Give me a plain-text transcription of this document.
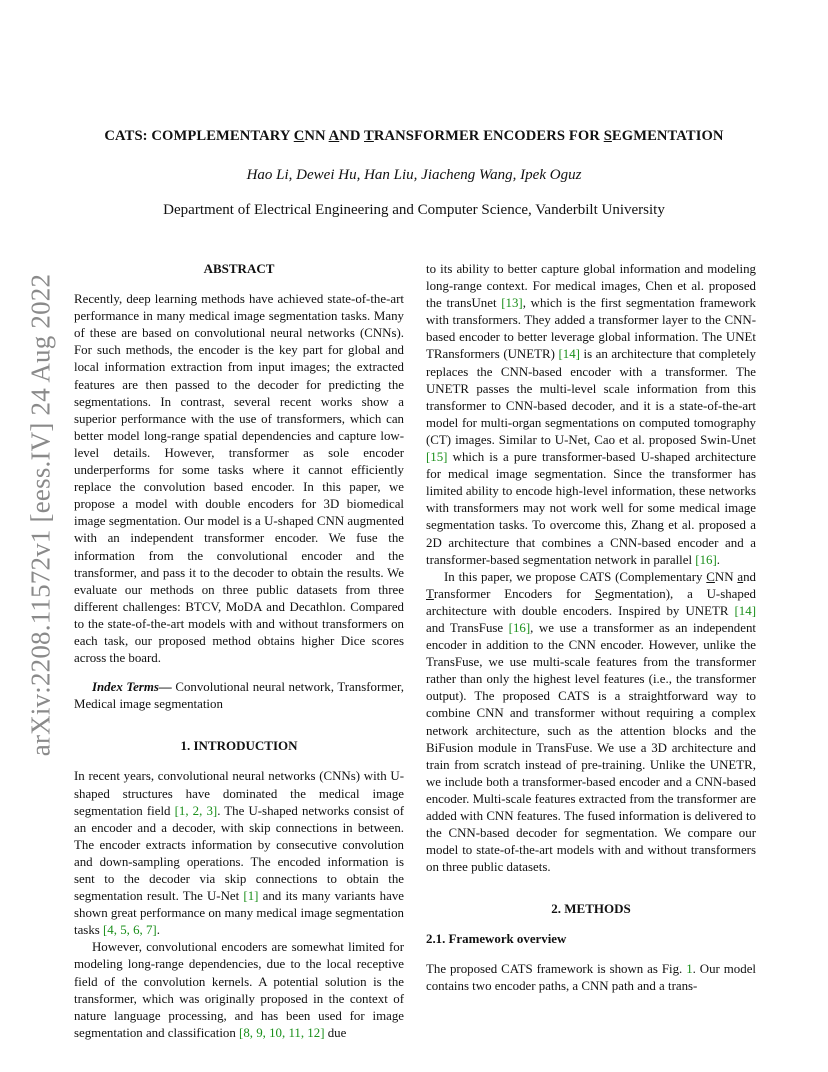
arXiv:2208.11572v1 [eess.IV] 24 Aug 2022
CATS: COMPLEMENTARY CNN AND TRANSFORMER ENCODERS FOR SEGMENTATION
Hao Li, Dewei Hu, Han Liu, Jiacheng Wang, Ipek Oguz
Department of Electrical Engineering and Computer Science, Vanderbilt University
ABSTRACT

Recently, deep learning methods have achieved state-of-the-art performance in many medical image segmentation tasks. Many of these are based on convolutional neural networks (CNNs). For such methods, the encoder is the key part for global and local information extraction from input images; the extracted features are then passed to the decoder for predicting the segmentations. In contrast, several recent works show a superior performance with the use of transformers, which can better model long-range spatial dependencies and capture low-level details. However, transformer as sole encoder underperforms for some tasks where it cannot efficiently replace the convolution based encoder. In this paper, we propose a model with double encoders for 3D biomedical image segmentation. Our model is a U-shaped CNN augmented with an independent transformer encoder. We fuse the information from the convolutional encoder and the transformer, and pass it to the decoder to obtain the results. We evaluate our methods on three public datasets from three different challenges: BTCV, MoDA and Decathlon. Compared to the state-of-the-art models with and without transformers on each task, our proposed method obtains higher Dice scores across the board.

Index Terms— Convolutional neural network, Transformer, Medical image segmentation

1. INTRODUCTION

In recent years, convolutional neural networks (CNNs) with U-shaped structures have dominated the medical image segmentation field [1, 2, 3]. The U-shaped networks consist of an encoder and a decoder, with skip connections in between. The encoder extracts information by consecutive convolution and down-sampling operations. The encoded information is sent to the decoder via skip connections to obtain the segmentation result. The U-Net [1] and its many variants have shown great performance on many medical image segmentation tasks [4, 5, 6, 7].

However, convolutional encoders are somewhat limited for modeling long-range dependencies, due to the local receptive field of the convolution kernels. A potential solution is the transformer, which was originally proposed in the context of nature language processing, and has been used for image segmentation and classification [8, 9, 10, 11, 12] due

to its ability to better capture global information and modeling long-range context. For medical images, Chen et al. proposed the transUnet [13], which is the first segmentation framework with transformers. They added a transformer layer to the CNN-based encoder to better leverage global information. The UNEt TRansformers (UNETR) [14] is an architecture that completely replaces the CNN-based encoder with a transformer. The UNETR passes the multi-level scale information from this transformer to CNN-based decoder, and it is a state-of-the-art model for multi-organ segmentations on computed tomography (CT) images. Similar to U-Net, Cao et al. proposed Swin-Unet [15] which is a pure transformer-based U-shaped architecture for medical image segmentation. Since the transformer has limited ability to encode high-level information, these networks with transformers may not work well for some medical image segmentation tasks. To overcome this, Zhang et al. proposed a 2D architecture that combines a CNN-based encoder and a transformer-based segmentation network in parallel [16].

In this paper, we propose CATS (Complementary CNN and Transformer Encoders for Segmentation), a U-shaped architecture with double encoders. Inspired by UNETR [14] and TransFuse [16], we use a transformer as an independent encoder in addition to the CNN encoder. However, unlike the TransFuse, we use multi-scale features from the transformer rather than only the highest level features (i.e., the transformer output). The proposed CATS is a straightforward way to combine CNN and transformer without requiring a complex network architecture, such as the attention blocks and the BiFusion module in TransFuse. We use a 3D architecture and train from scratch instead of pre-training. Unlike the UNETR, we include both a transformer-based encoder and a CNN-based encoder. Multi-scale features extracted from the transformer are added with CNN features. The fused information is delivered to the CNN-based decoder for segmentation. We compare our model to state-of-the-art models with and without transformers on three public datasets.

2. METHODS
2.1. Framework overview

The proposed CATS framework is shown as Fig. 1. Our model contains two encoder paths, a CNN path and a trans-
